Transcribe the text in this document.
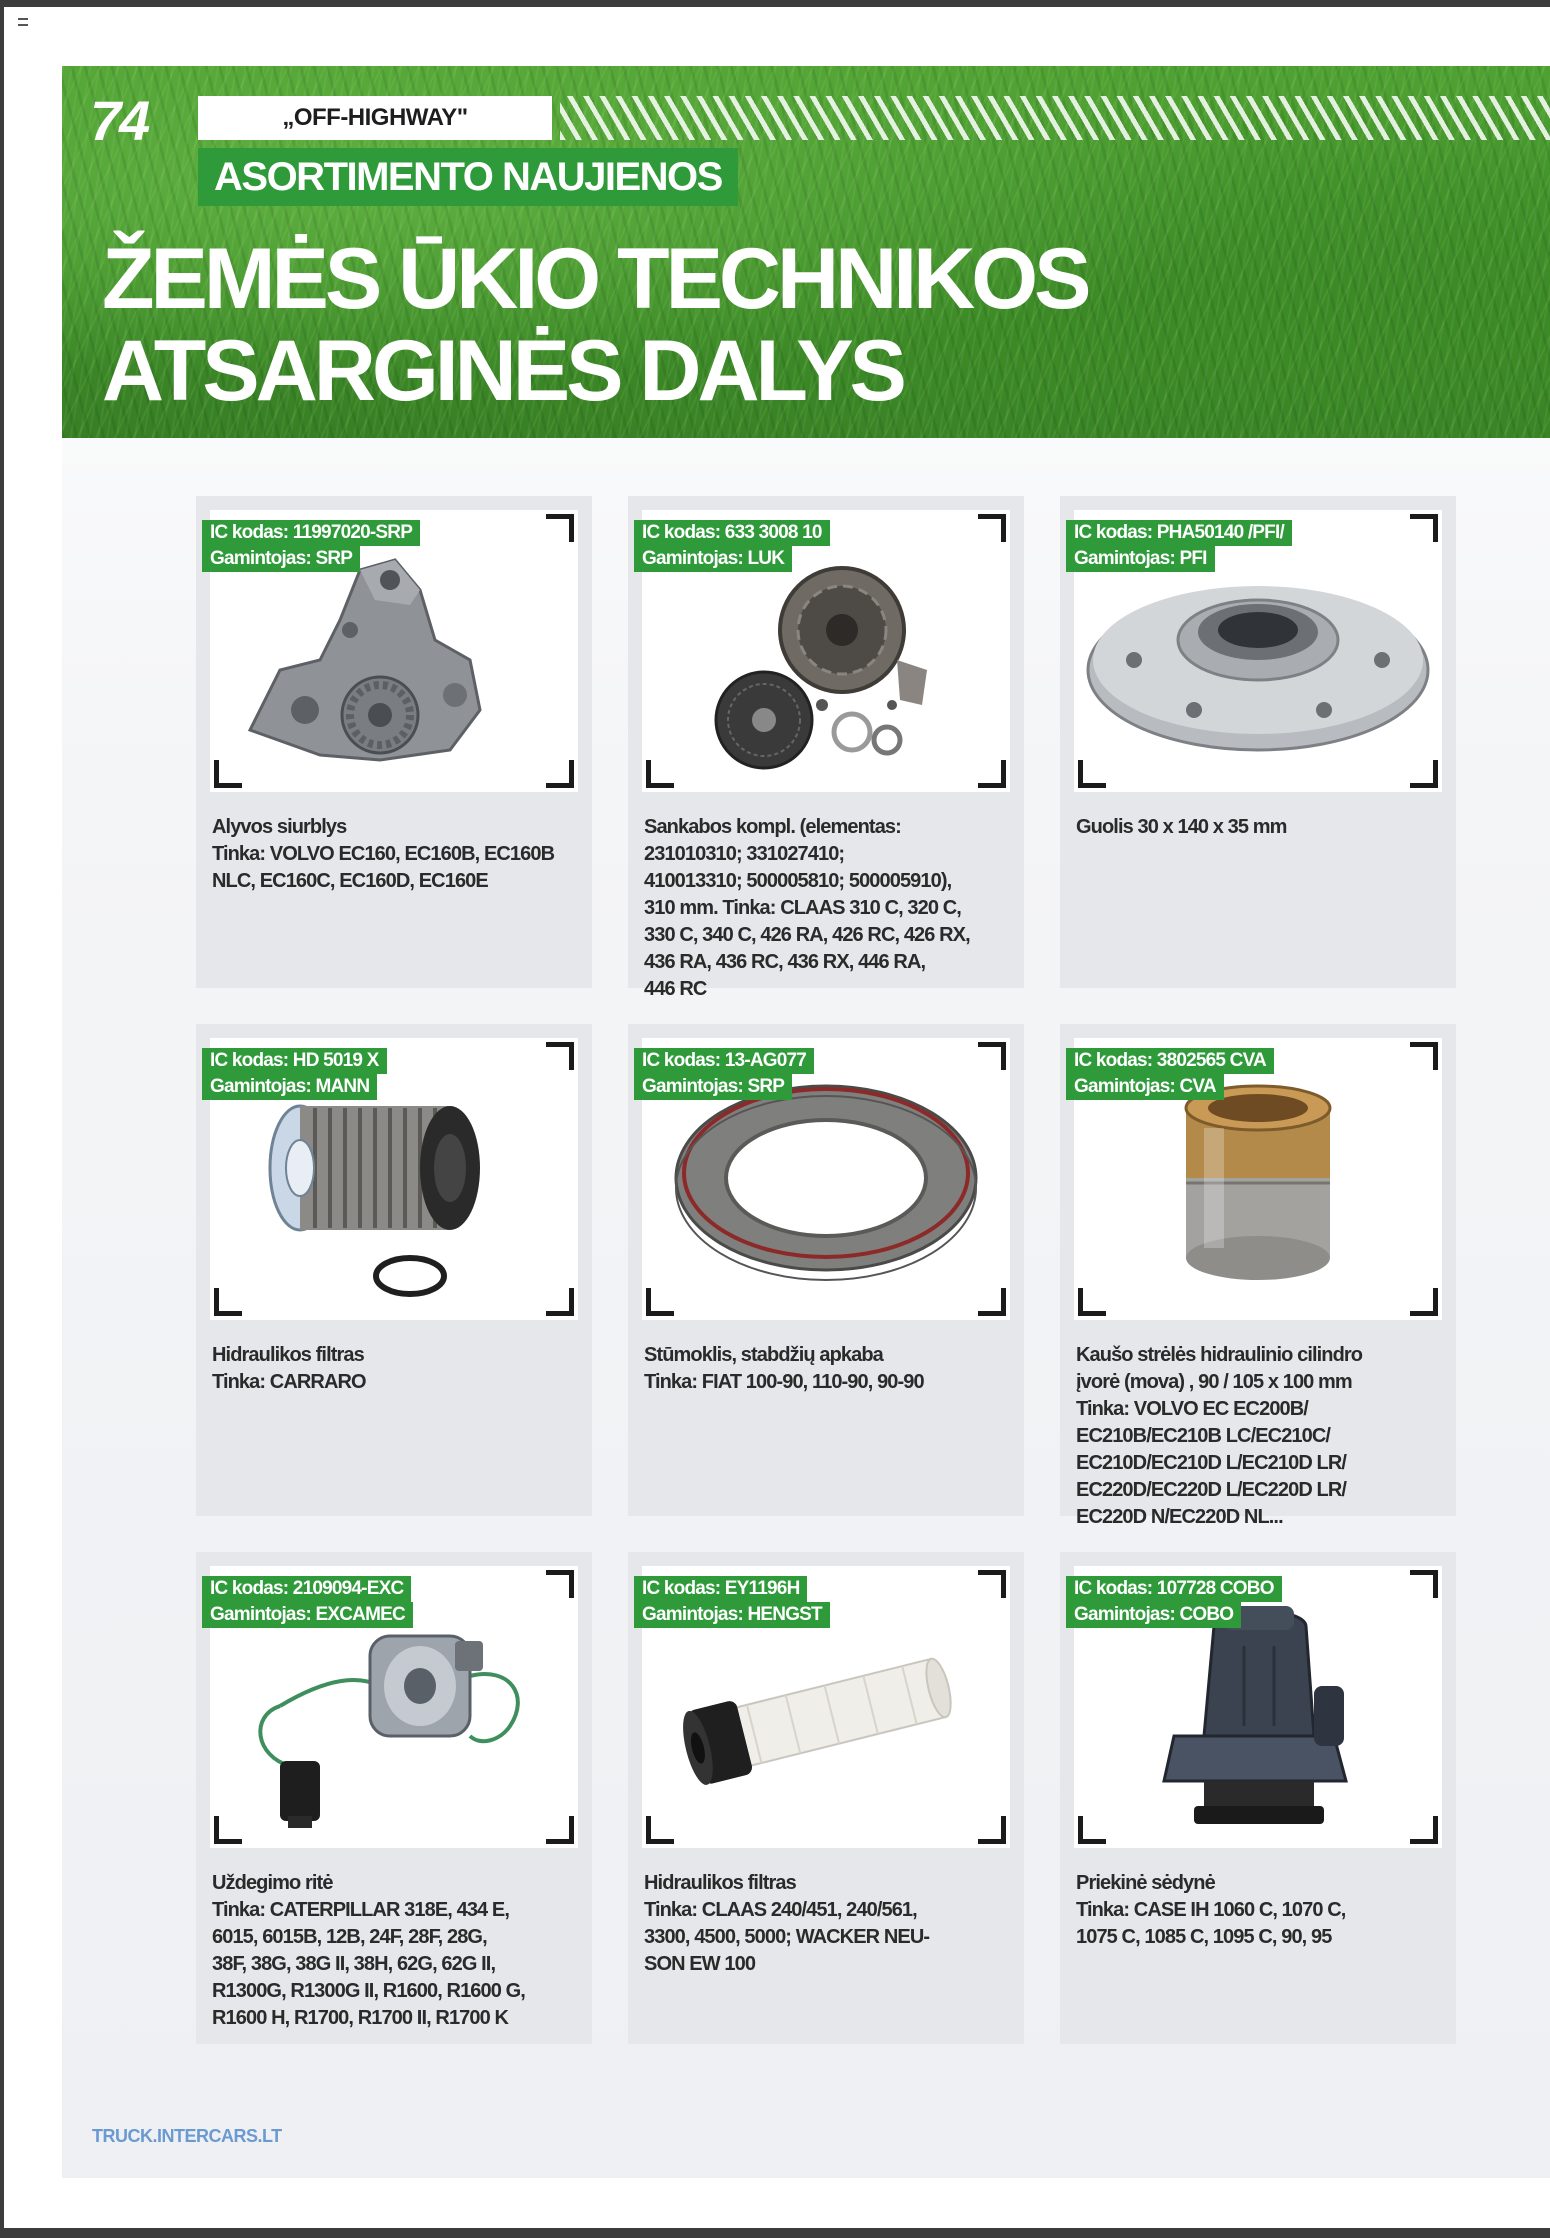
74	„OFF-HIGHWAY"
ASORTIMENTO NAUJIENOS
ŽEMĖS ŪKIO TECHNIKOS
ATSARGINĖS DALYS
IC kodas: 11997020-SRP
Gamintojas: SRP
Alyvos siurblys
Tinka: VOLVO EC160, EC160B, EC160B
NLC, EC160C, EC160D, EC160E
IC kodas: 633 3008 10
Gamintojas: LUK
Sankabos kompl. (elementas:
231010310; 331027410;
410013310; 500005810; 500005910),
310 mm. Tinka: CLAAS 310 C, 320 C,
330 C, 340 C, 426 RA, 426 RC, 426 RX,
436 RA, 436 RC, 436 RX, 446 RA,
446 RC
IC kodas: PHA50140 /PFI/
Gamintojas: PFI
Guolis 30 x 140 x 35 mm
IC kodas: HD 5019 X
Gamintojas: MANN
Hidraulikos filtras
Tinka: CARRARO
IC kodas: 13-AG077
Gamintojas: SRP
Stūmoklis, stabdžių apkaba
Tinka: FIAT 100-90, 110-90, 90-90
IC kodas: 3802565 CVA
Gamintojas: CVA
Kaušo strėlės hidraulinio cilindro
įvorė (mova) , 90 / 105 x 100 mm
Tinka: VOLVO EC EC200B/
EC210B/EC210B LC/EC210C/
EC210D/EC210D L/EC210D LR/
EC220D/EC220D L/EC220D LR/
EC220D N/EC220D NL...
IC kodas: 2109094-EXC
Gamintojas: EXCAMEC
Uždegimo ritė
Tinka: CATERPILLAR 318E, 434 E,
6015, 6015B, 12B, 24F, 28F, 28G,
38F, 38G, 38G II, 38H, 62G, 62G II,
R1300G, R1300G II, R1600, R1600 G,
R1600 H, R1700, R1700 II, R1700 K
IC kodas: EY1196H
Gamintojas: HENGST
Hidraulikos filtras
Tinka: CLAAS 240/451, 240/561,
3300, 4500, 5000; WACKER NEU-
SON EW 100
IC kodas: 107728 COBO
Gamintojas: COBO
Priekinė sėdynė
Tinka: CASE IH 1060 C, 1070 C,
1075 C, 1085 C, 1095 C, 90, 95
TRUCK.INTERCARS.LT
